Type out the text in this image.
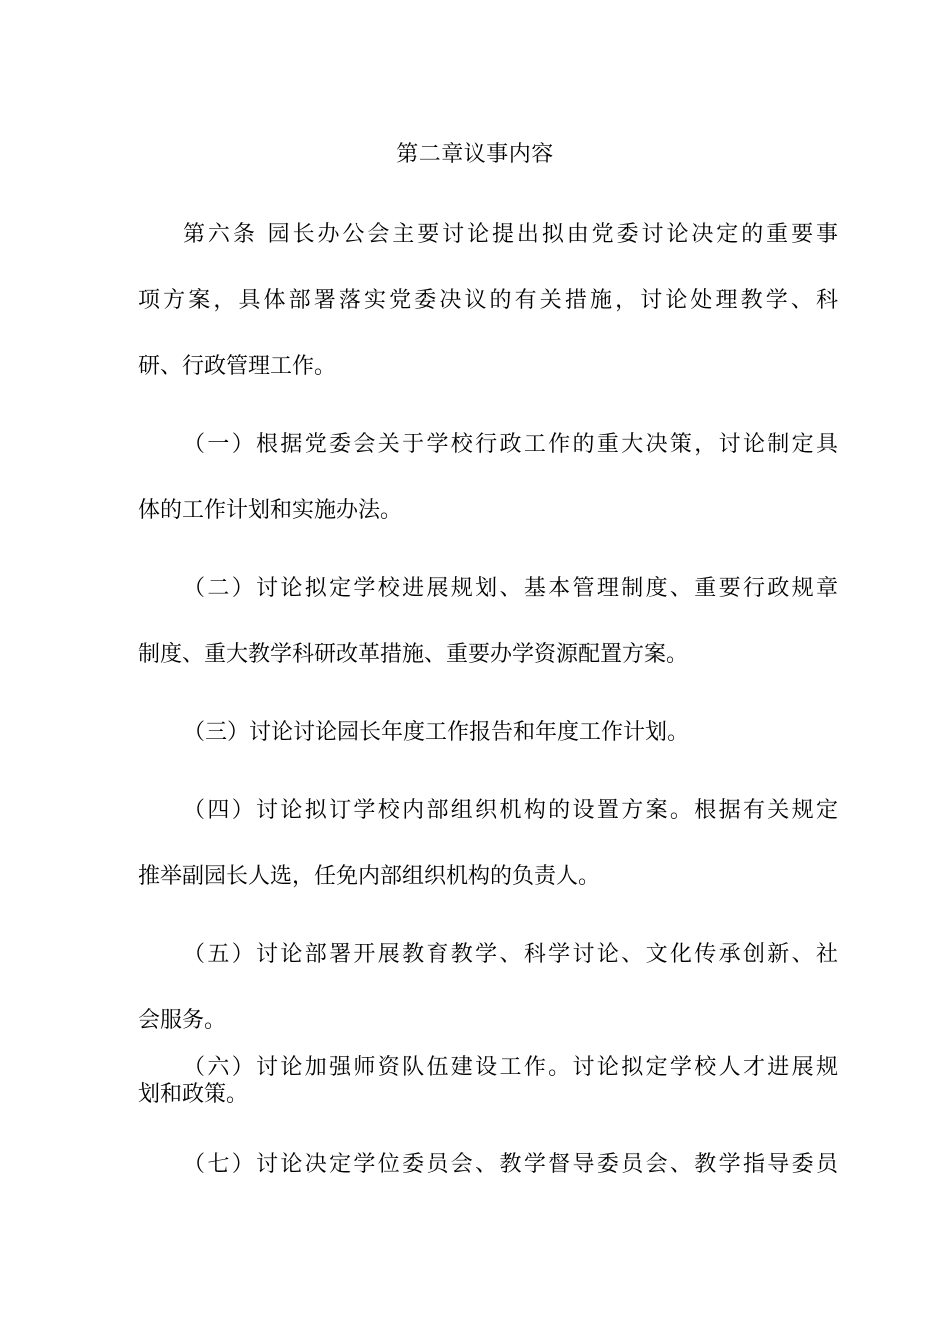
第二章议事内容
第六条 园长办公会主要讨论提出拟由党委讨论决定的重要事
项方案，具体部署落实党委决议的有关措施，讨论处理教学、科
研、行政管理工作。
（一）根据党委会关于学校行政工作的重大决策，讨论制定具
体的工作计划和实施办法。
（二）讨论拟定学校进展规划、基本管理制度、重要行政规章
制度、重大教学科研改革措施、重要办学资源配置方案。
（三）讨论讨论园长年度工作报告和年度工作计划。
（四）讨论拟订学校内部组织机构的设置方案。根据有关规定
推举副园长人选，任免内部组织机构的负责人。
（五）讨论部署开展教育教学、科学讨论、文化传承创新、社
会服务。
（六）讨论加强师资队伍建设工作。讨论拟定学校人才进展规
划和政策。
（七）讨论决定学位委员会、教学督导委员会、教学指导委员
